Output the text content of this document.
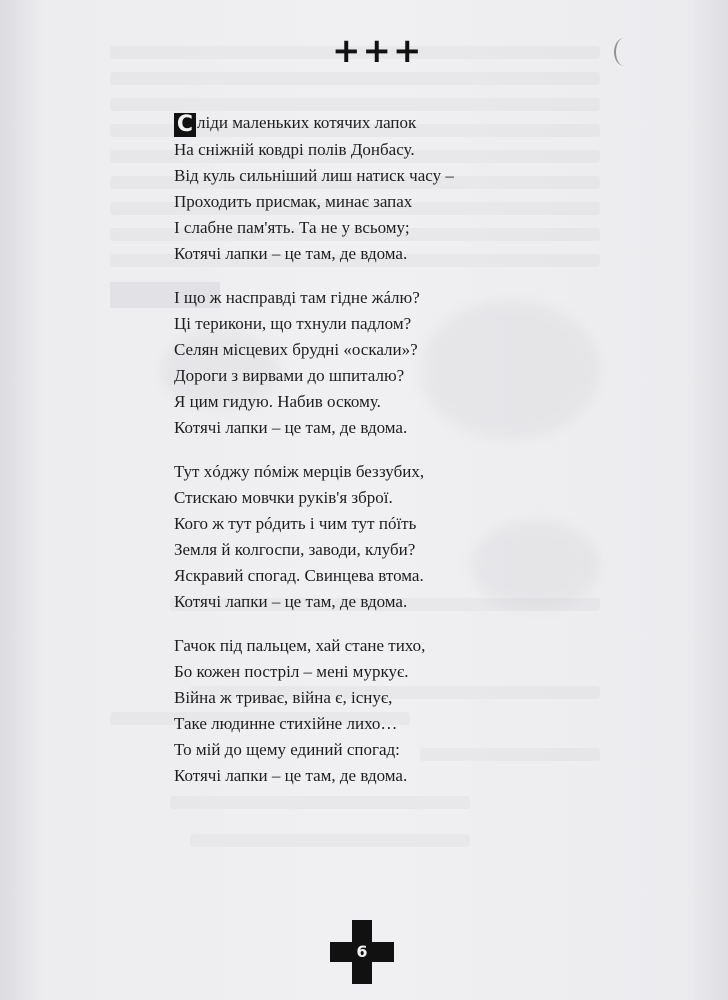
+++
С ліди маленьких котячих лапок
На сніжній ковдрі полів Донбасу.
Від куль сильніший лиш натиск часу –
Проходить присмак, минає запах
І слабне пам'ять. Та не у всьому;
Котячі лапки – це там, де вдома.
І що ж насправді там гідне жáлю?
Ці терикони, що тхнули падлом?
Селян місцевих брудні «оскали»?
Дороги з вирвами до шпиталю?
Я цим гидую. Набив оскому.
Котячі лапки – це там, де вдома.
Тут хóджу пóміж мерців беззубих,
Стискаю мовчки руків'я зброї.
Кого ж тут рóдить і чим тут пóїть
Земля й колгоспи, заводи, клуби?
Яскравий спогад. Свинцева втома.
Котячі лапки – це там, де вдома.
Гачок під пальцем, хай стане тихо,
Бо кожен постріл – мені муркує.
Війна ж триває, війна є, існує,
Таке людинне стихійне лихо…
То мій до щему единий спогад:
Котячі лапки – це там, де вдома.
6
